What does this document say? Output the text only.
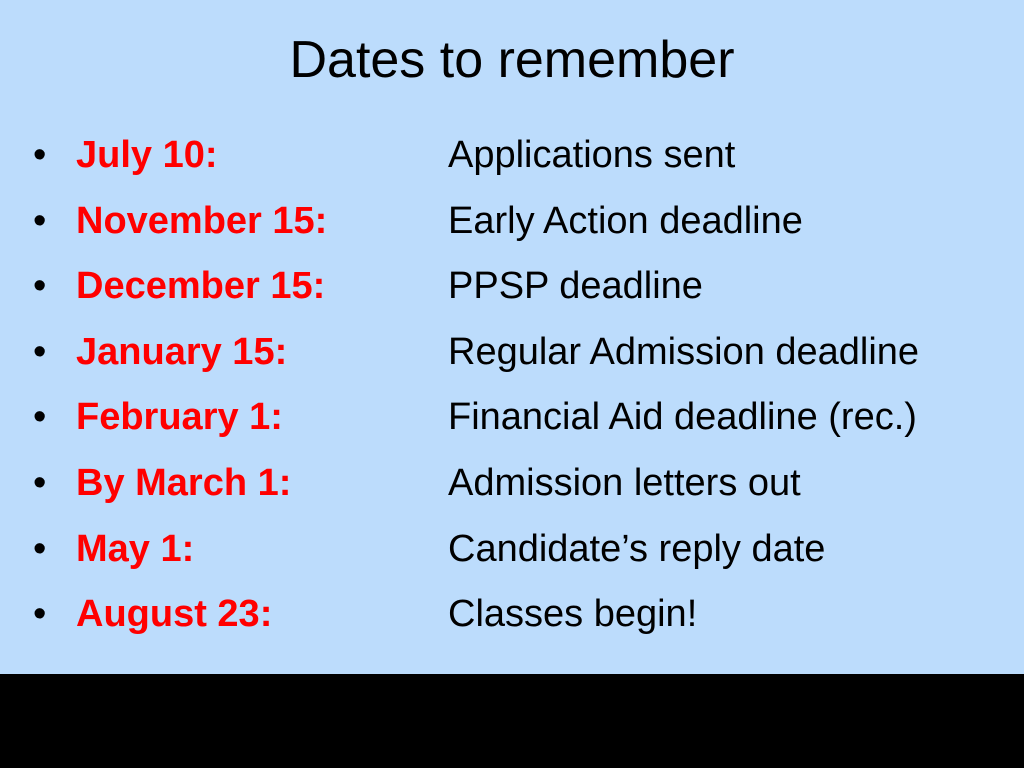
Dates to remember
• July 10:	Applications sent
• November 15:	Early Action deadline
• December 15:	PPSP deadline
• January 15:	Regular Admission deadline
• February 1:	Financial Aid deadline (rec.)
• By March 1:	Admission letters out
• May 1:	Candidate’s reply date
• August 23:	Classes begin!
